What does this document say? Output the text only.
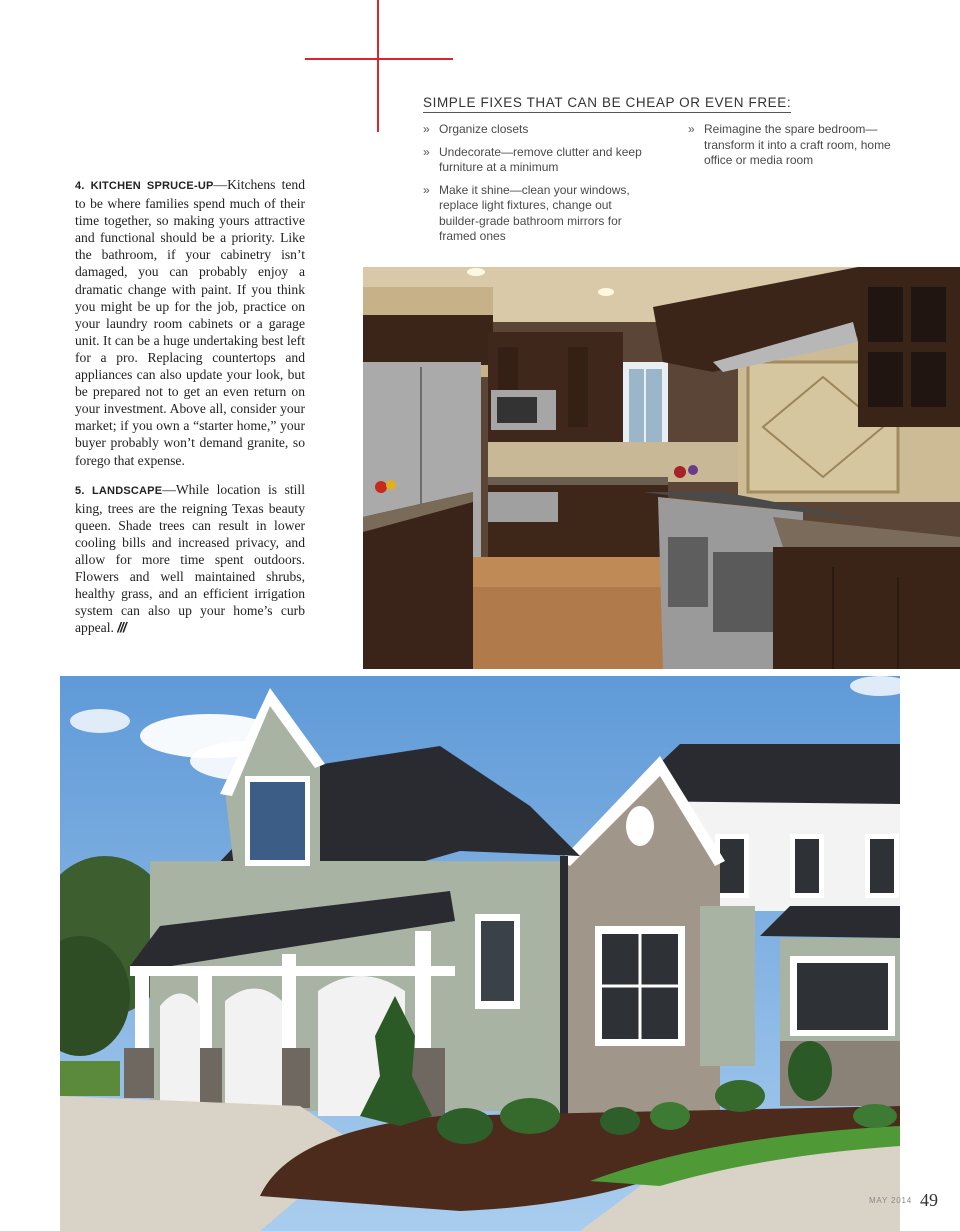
SIMPLE FIXES THAT CAN BE CHEAP OR EVEN FREE:
» Organize closets
» Undecorate—remove clutter and keep furniture at a minimum
» Make it shine—clean your windows, replace light fixtures, change out builder-grade bathroom mirrors for framed ones
» Reimagine the spare bedroom—transform it into a craft room, home office or media room

4. KITCHEN SPRUCE-UP—Kitchens tend to be where families spend much of their time together, so making yours attractive and functional should be a priority. Like the bathroom, if your cabinetry isn’t damaged, you can probably enjoy a dramatic change with paint. If you think you might be up for the job, practice on your laundry room cabinets or a garage unit. It can be a huge undertaking best left for a pro. Replacing countertops and appliances can also update your look, but be prepared not to get an even return on your investment. Above all, consider your market; if you own a “starter home,” your buyer probably won’t demand granite, so forego that expense.

5. LANDSCAPE—While location is still king, trees are the reigning Texas beauty queen. Shade trees can result in lower cooling bills and increased privacy, and allow for more time spent outdoors. Flowers and well maintained shrubs, healthy grass, and an efficient irrigation system can also up your home’s curb appeal. ///

MAY 2014 49
